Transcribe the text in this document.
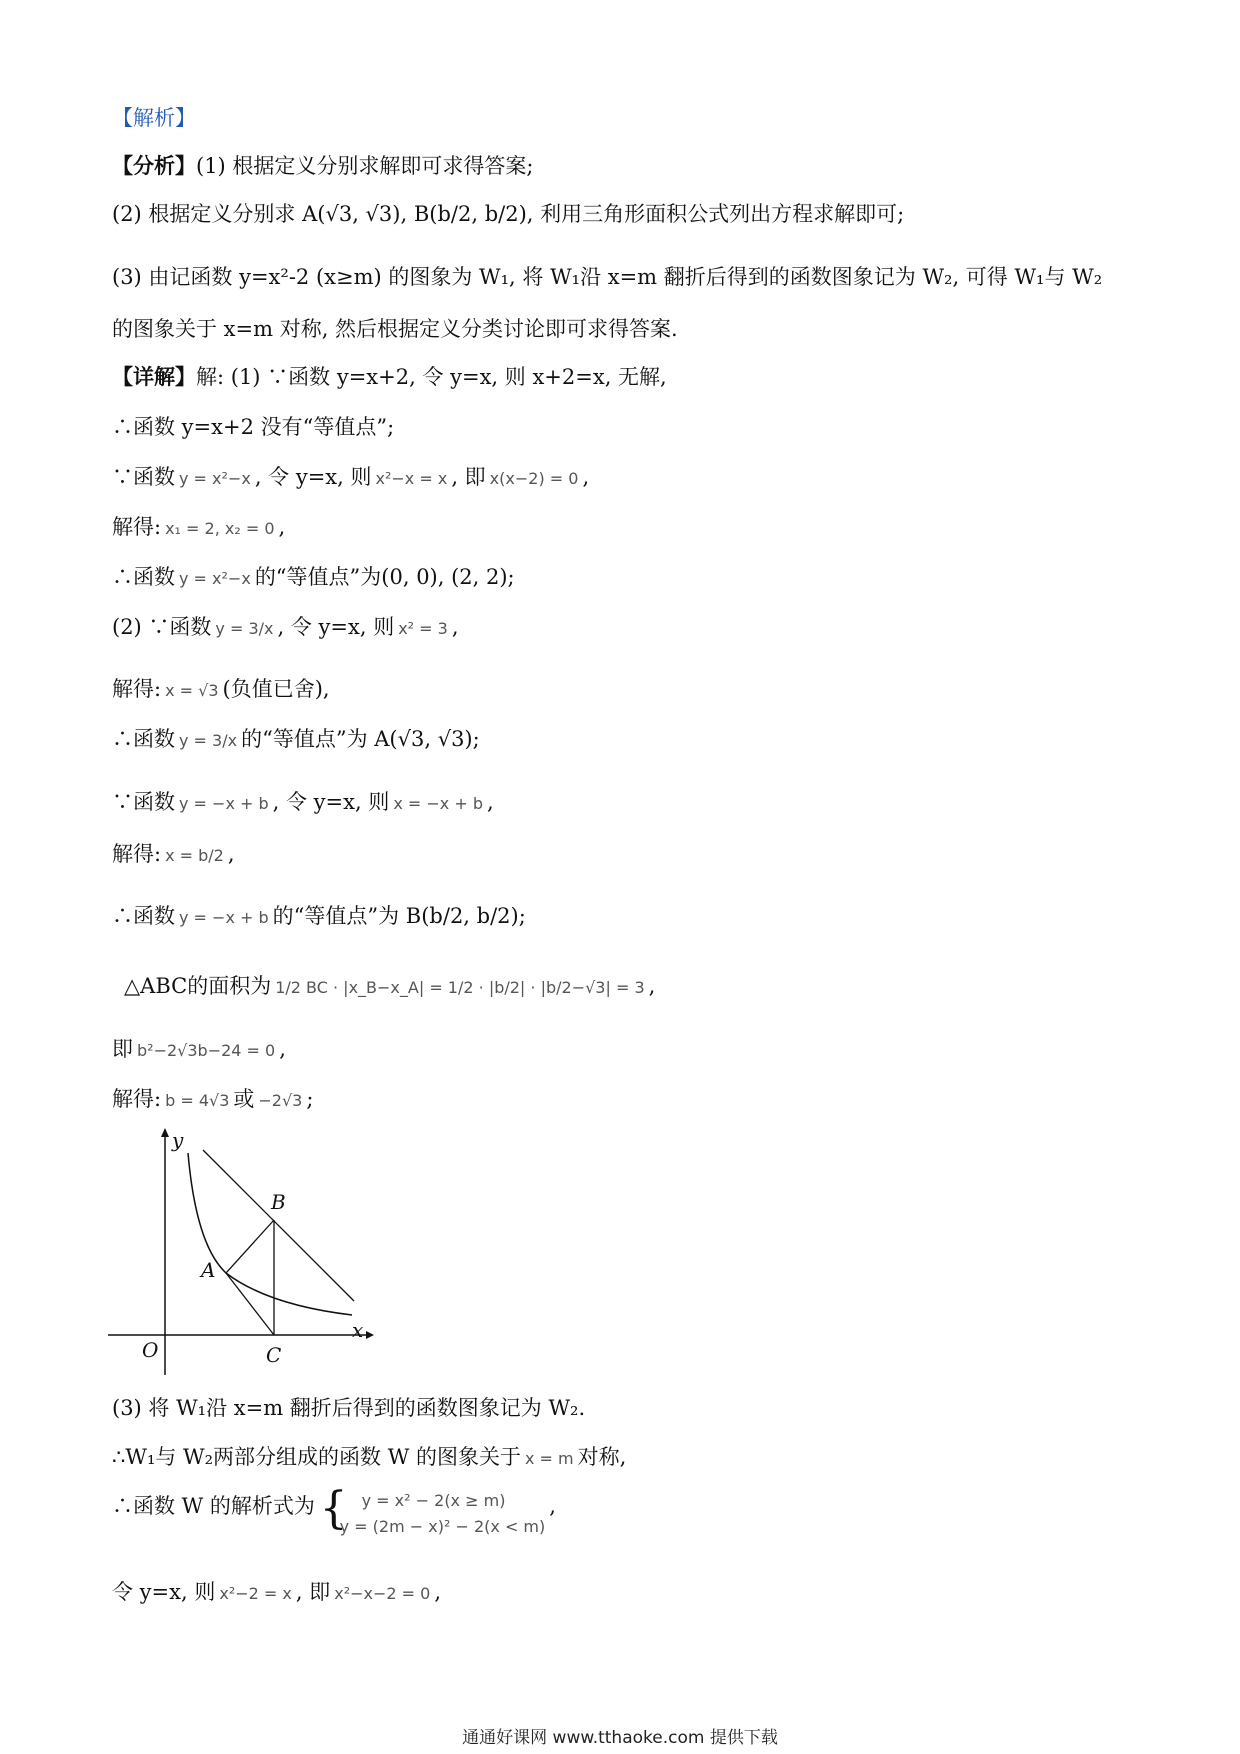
【解析】
【分析】(1) 根据定义分别求解即可求得答案;
(2) 根据定义分别求 A(√3, √3), B(b/2, b/2), 利用三角形面积公式列出方程求解即可;
(3) 由记函数 y=x²-2 (x≥m) 的图象为 W₁, 将 W₁沿 x=m 翻折后得到的函数图象记为 W₂, 可得 W₁与 W₂
的图象关于 x=m 对称, 然后根据定义分类讨论即可求得答案.
【详解】解: (1) ∵函数 y=x+2, 令 y=x, 则 x+2=x, 无解,
∴函数 y=x+2 没有“等值点”;
∵函数 y = x²−x , 令 y=x, 则 x²−x = x , 即 x(x−2) = 0 ,
解得: x₁ = 2, x₂ = 0 ,
∴函数 y = x²−x 的“等值点”为(0, 0), (2, 2);
(2) ∵函数 y = 3/x , 令 y=x, 则 x² = 3 ,
解得: x = √3 (负值已舍),
∴函数 y = 3/x 的“等值点”为 A(√3, √3);
∵函数 y = −x + b , 令 y=x, 则 x = −x + b ,
解得: x = b/2 ,
∴函数 y = −x + b 的“等值点”为 B(b/2, b/2);
△ABC的面积为 1/2 BC · |x_B−x_A| = 1/2 · |b/2| · |b/2−√3| = 3 ,
即 b²−2√3b−24 = 0 ,
解得: b = 4√3 或 −2√3 ;
y
x
O
A
B
C
(3) 将 W₁沿 x=m 翻折后得到的函数图象记为 W₂.
∴W₁与 W₂两部分组成的函数 W 的图象关于 x = m 对称,
∴函数 W 的解析式为 { y = x² − 2(x ≥ m)
y = (2m − x)² − 2(x < m)
,
令 y=x, 则 x²−2 = x , 即 x²−x−2 = 0 ,
通通好课网 www.tthaoke.com 提供下载
